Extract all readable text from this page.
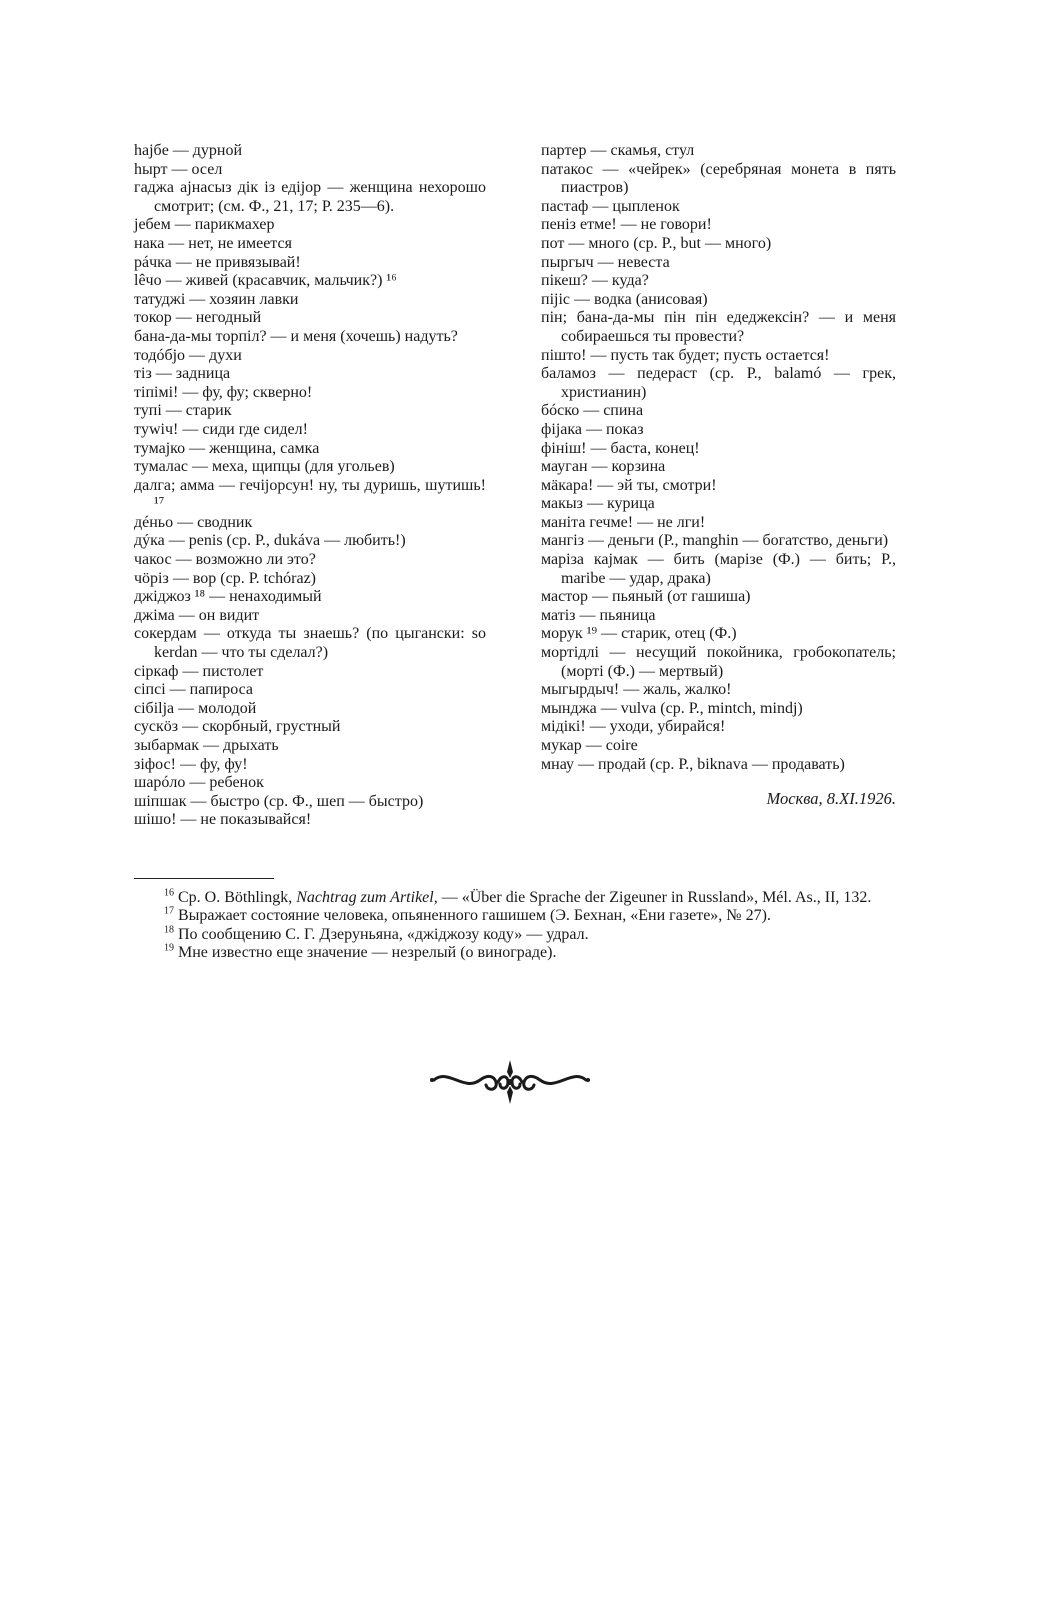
hajбe — дурной
hырт — осел
гаджа ajнасыз дiк iз едiјор — женщина нехорошо смотрит; (см. Ф., 21, 17; Р. 235—6).
jебем — парикмахер
нака — нет, не имеется
рáчка — не привязывай!
lêчо — живей (красавчик, мальчик?) ¹⁶
татуджi — хозяин лавки
токор — негодный
бана-да-мы торпiл? — и меня (хочешь) надуть?
тодóбjо — духи
тiз — задница
тiпiмi! — фу, фу; скверно!
тупi — старик
тywiч! — сиди где сидел!
тумаjко — женщина, самка
тумалас — меха, щипцы (для угольев)
далга; амма — гечiјорсун! ну, ты дуришь, шутишь! ¹⁷
дéньо — сводник
дýка — penis (ср. Р., dukáva — любить!)
чакос — возможно ли это?
чöрiз — вор (ср. Р. tchóraz)
джiджоз ¹⁸ — ненаходимый
джiма — он видит
сокердам — откуда ты знаешь? (по цыгански: so kerdan — что ты сделал?)
сiркаф — пистолет
сiпсi — папироса
сiбilja — молодой
сускӧз — скорбный, грустный
зыбармак — дрыхать
зiфос! — фу, фу!
шарóло — ребенок
шiпшак — быстро (ср. Ф., шеп — быстро)
шiшо! — не показывайся!
партер — скамья, стул
патакос — «чейрек» (серебряная монета в пять пиастров)
пастаф — цыпленок
пенiз етме! — не говори!
пот — много (ср. Р., but — много)
пыргыч — невеста
пiкеш? — куда?
пijiс — водка (анисовая)
пiн; бана-да-мы пiн пiн едеджексiн? — и меня собираешься ты провести?
пiшто! — пусть так будет; пусть остается!
баламоз — педераст (ср. Р., balamó — грек, христианин)
бóско — спина
фiјака — показ
фiнiш! — баста, конец!
мауган — корзина
мӓкара! — эй ты, смотри!
макыз — курица
манiта гечме! — не лги!
мангiз — деньги (Р., manghin — богатство, деньги)
марiза каjмак — бить (марiзе (Ф.) — бить; Р., maribe — удар, драка)
мастор — пьяный (от гашиша)
матiз — пьяница
морук ¹⁹ — старик, отец (Ф.)
мортiдлi — несущий покойника, гробокопатель; (мортi (Ф.) — мертвый)
мыгырдыч! — жаль, жалко!
мынджа — vulva (ср. Р., mintch, mindj)
мiдiкi! — уходи, убирайся!
мукар — coire
мнау — продай (ср. Р., biknava — продавать)
Москва, 8.XI.1926.
$^{16}$ Ср. O. Böthlingk, Nachtrag zum Artikel, — «Über die Sprache der Zigeuner in Russland», Mél. As., II, 132.
$^{17}$ Выражает состояние человека, опьяненного гашишем (Э. Бехнан, «Ени газете», № 27).
$^{18}$ По сообщению С. Г. Дзеруньяна, «джiджозу коду» — удрал.
$^{19}$ Мне известно еще значение — незрелый (о винограде).
